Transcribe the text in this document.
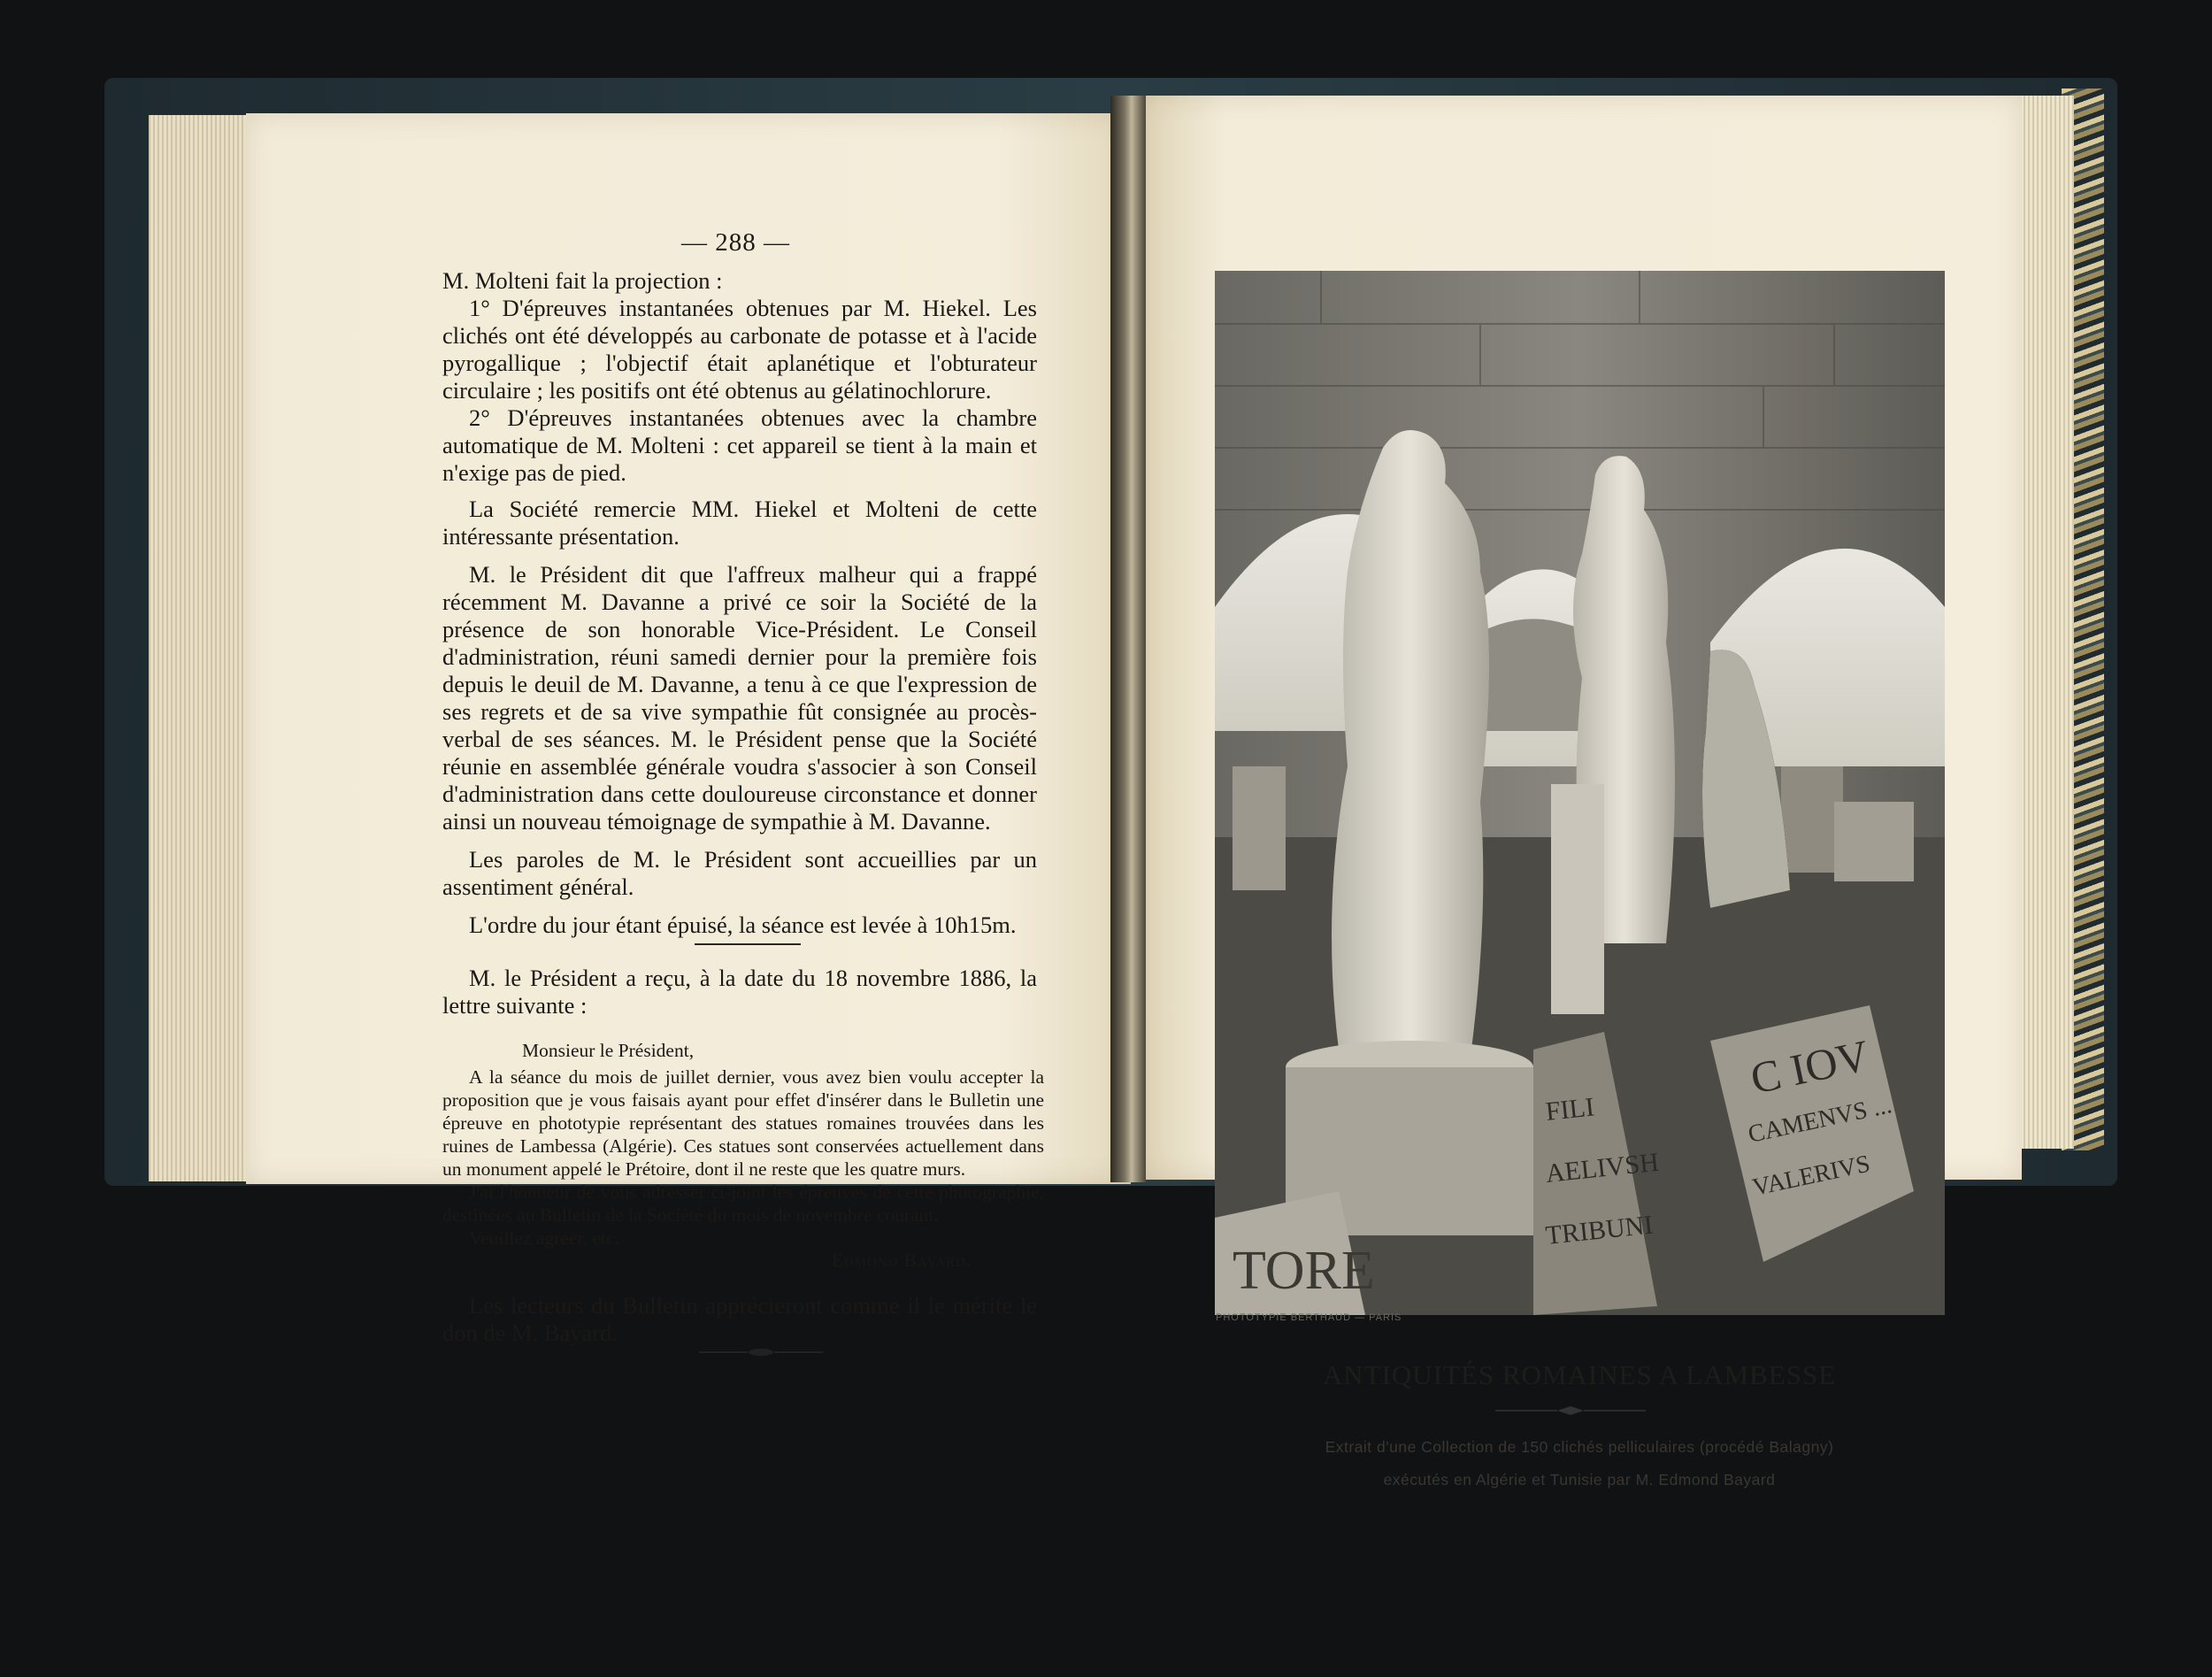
— 288 —

M. Molteni fait la projection :

1° D'épreuves instantanées obtenues par M. Hiekel. Les clichés ont été développés au carbonate de potasse et à l'acide pyrogallique ; l'objectif était aplanétique et l'obturateur circulaire ; les positifs ont été obtenus au gélatinochlorure.

2° D'épreuves instantanées obtenues avec la chambre automatique de M. Molteni : cet appareil se tient à la main et n'exige pas de pied.

La Société remercie MM. Hiekel et Molteni de cette intéressante présentation.

M. le Président dit que l'affreux malheur qui a frappé récemment M. Davanne a privé ce soir la Société de la présence de son honorable Vice-Président. Le Conseil d'administration, réuni samedi dernier pour la première fois depuis le deuil de M. Davanne, a tenu à ce que l'expression de ses regrets et de sa vive sympathie fût consignée au procès-verbal de ses séances. M. le Président pense que la Société réunie en assemblée générale voudra s'associer à son Conseil d'administration dans cette douloureuse circonstance et donner ainsi un nouveau témoignage de sympathie à M. Davanne.

Les paroles de M. le Président sont accueillies par un assentiment général.

L'ordre du jour étant épuisé, la séance est levée à 10h15m.

M. le Président a reçu, à la date du 18 novembre 1886, la lettre suivante :

Monsieur le Président,

A la séance du mois de juillet dernier, vous avez bien voulu accepter la proposition que je vous faisais ayant pour effet d'insérer dans le Bulletin une épreuve en phototypie représentant des statues romaines trouvées dans les ruines de Lambessa (Algérie). Ces statues sont conservées actuellement dans un monument appelé le Prétoire, dont il ne reste que les quatre murs.

J'ai l'honneur de vous adresser ci-joint les épreuves de cette photographie, destinées au Bulletin de la Société du mois de novembre courant.

Veuillez agréer, etc.

Edmond Bayard.

Les lecteurs du Bulletin apprécieront comme il le mérite le don de M. Bayard.

TORE
FILI
AELIVSH
TRIBUNI
C IOV
CAMENVS ...
VALERIVS
PHOTOTYPIE BERTHAUD — PARIS
ANTIQUITÉS ROMAINES A LAMBESSE
Extrait d'une Collection de 150 clichés pelliculaires (procédé Balagny)
exécutés en Algérie et Tunisie par M. Edmond Bayard
